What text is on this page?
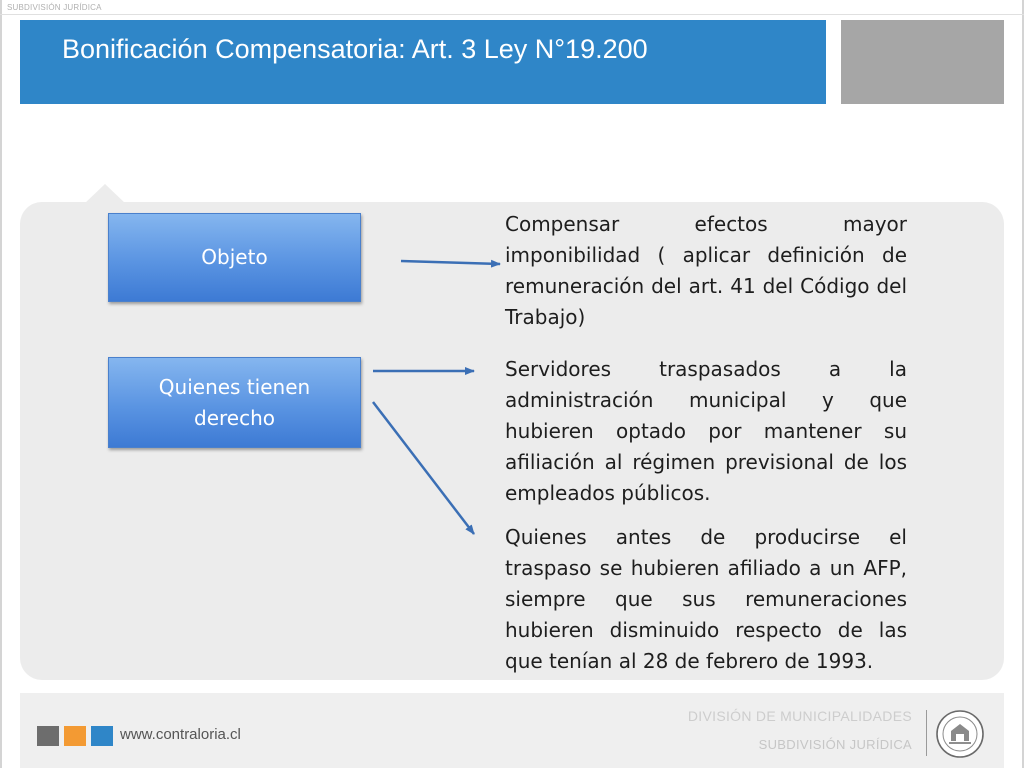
SUBDIVISIÓN JURÍDICA
Bonificación Compensatoria: Art. 3 Ley N°19.200
Objeto
Quienes tienen derecho
Compensar efectos mayor imponibilidad ( aplicar definición de remuneración del art. 41 del Código del Trabajo)
Servidores traspasados a la administración municipal y que hubieren optado por mantener su afiliación al régimen previsional de los empleados públicos.
Quienes antes de producirse el traspaso se hubieren afiliado a un AFP, siempre que sus remuneraciones hubieren disminuido respecto de las que tenían al 28 de febrero de 1993.
www.contraloria.cl
DIVISIÓN DE MUNICIPALIDADES
SUBDIVISIÓN JURÍDICA
